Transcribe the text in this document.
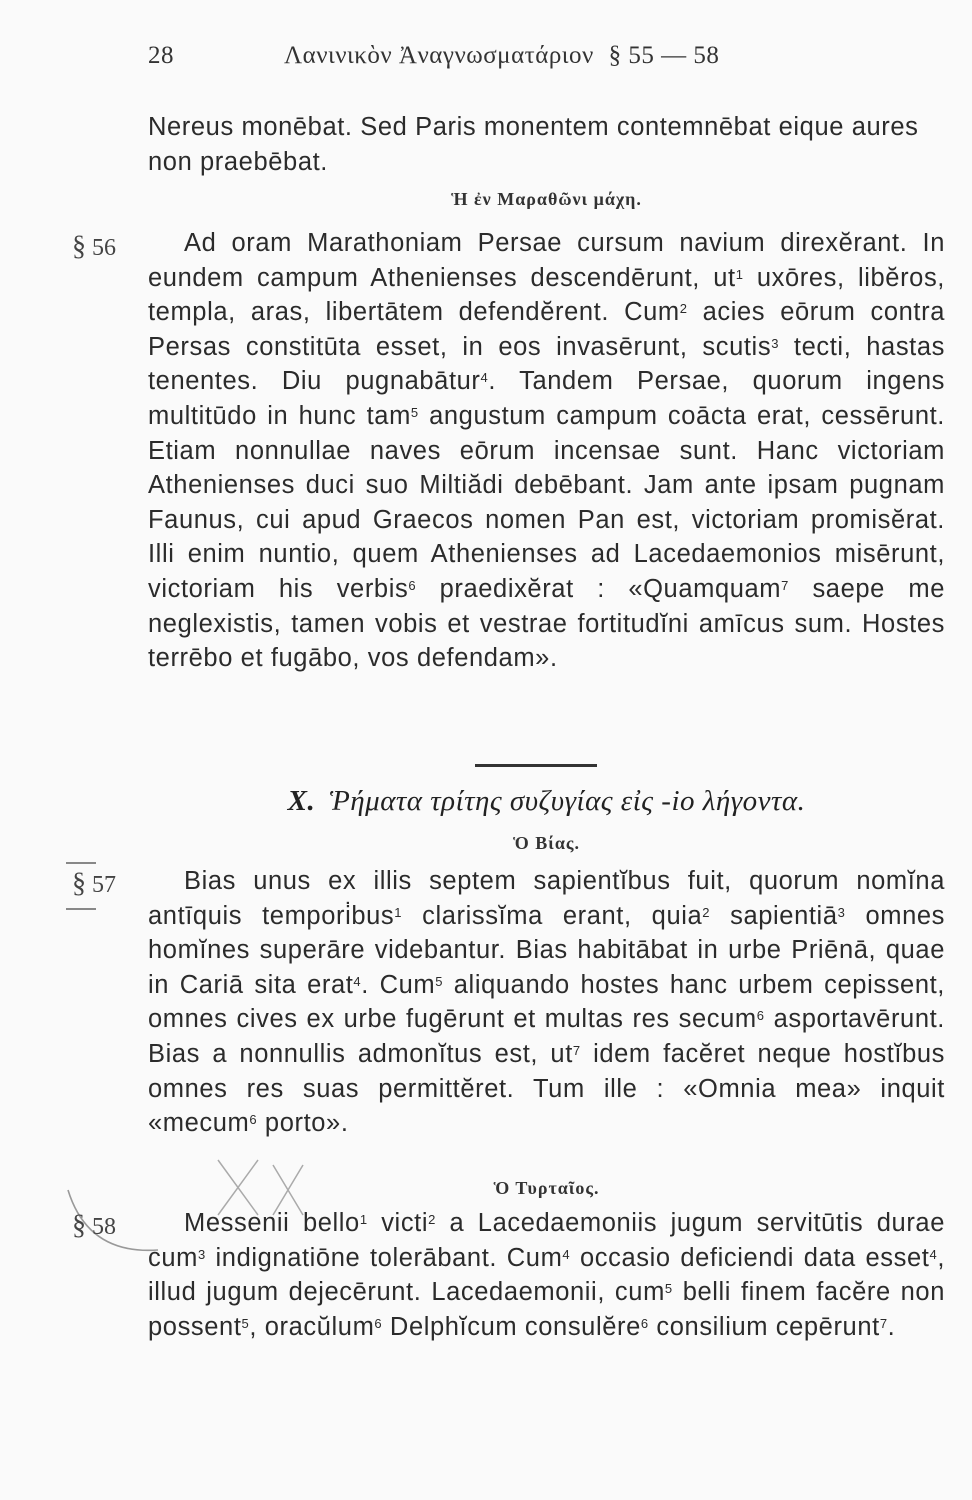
28	Λανινικὸν Ἀναγνωσματάριον § 55 — 58

Nereus monēbat. Sed Paris monentem contemnēbat eique aures non praebēbat.

Ἡ ἐν Μαραθῶνι μάχη.
§ 56	Ad oram Marathoniam Persae cursum navium direxĕrant. In eundem campum Athenienses descendērunt, $ut^1$ uxōres, libĕros, templa, aras, libertātem defendĕrent. Cum$^2$ acies eōrum contra Persas constitūta esset, in eos invasērunt, scutis$^3$ tecti, hastas tenentes. Diu pugnabātur$^4$. Tandem Persae, quorum ingens multitūdo in hunc tam$^5$ angustum campum coācta erat, cessērunt. Etiam nonnullae naves eōrum incensae sunt. Hanc victoriam Athenienses duci suo Miltiădi debēbant. Jam ante ipsam pugnam Faunus, cui apud Graecos nomen Pan est, victoriam promisĕrat. Illi enim nuntio, quem Athenienses ad Lacedaemonios misērunt, victoriam his verbis$^6$ praedixĕrat : «Quamquam$^7$ saepe me neglexistis, tamen vobis et vestrae fortitudĭni amīcus sum. Hostes terrēbo et fugābo, vos defendam».

X. Ῥήματα τρίτης συζυγίας εἰς -io λήγοντα.
Ὁ Βίας.
§ 57	Bias unus ex illis septem sapientĭbus fuit, quorum nomĭna antīquis tempori̇bus$^1$ clarissĭma erant, quia$^2$ sapientiā$^3$ omnes homĭnes superāre videbantur. Bias habitābat in urbe Priēnā, quae in Cariā sita erat$^4$. Cum$^5$ aliquando hostes hanc urbem cepissent, omnes cives ex urbe fugērunt et multas res secum$^6$ asportavērunt. Bias a nonnullis admonĭtus est, $ut^7$ idem facĕret neque hostĭbus omnes res suas permittĕret. Tum ille : «Omnia mea» inquit «mecum$^6$ porto».

Ὁ Τυρταῖος.
§ 58	Messenii bello$^1$ victi$^2$ a Lacedaemoniis jugum servitūtis durae cum$^3$ indignatiōne tolerābant. Cum$^4$ occasio deficiendi data esset$^4$, illud jugum dejecērunt. Lacedaemonii, cum$^5$ belli finem facĕre non possent$^5$, oracŭlum$^6$ Delphĭcum consulĕre$^6$ consilium cepērunt$^7$.
